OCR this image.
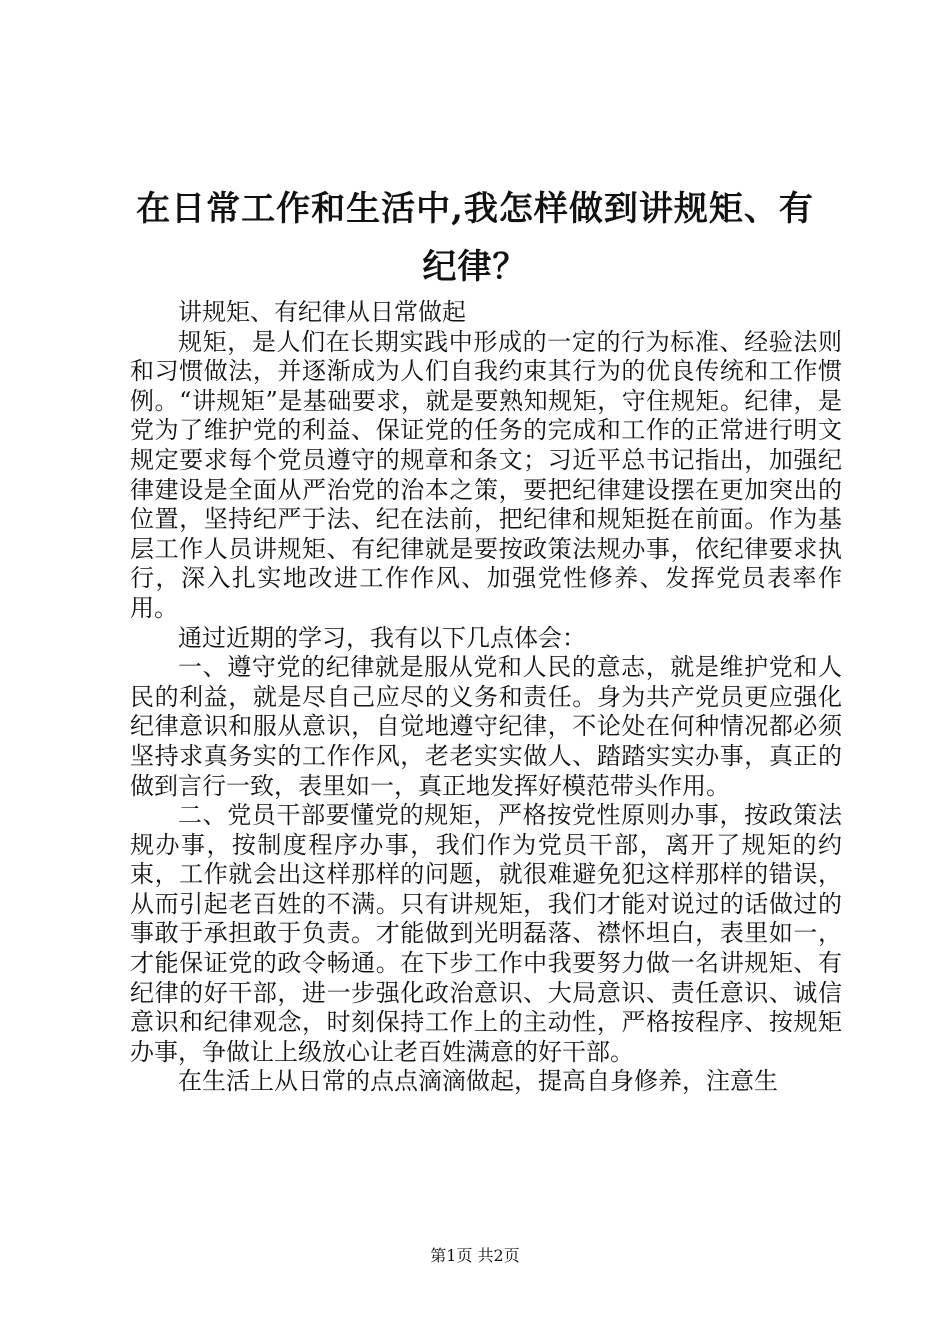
在日常工作和生活中,我怎样做到讲规矩、有纪律？

讲规矩、有纪律从日常做起

规矩，是人们在长期实践中形成的一定的行为标准、经验法则和习惯做法，并逐渐成为人们自我约束其行为的优良传统和工作惯例。“讲规矩”是基础要求，就是要熟知规矩，守住规矩。纪律，是党为了维护党的利益、保证党的任务的完成和工作的正常进行明文规定要求每个党员遵守的规章和条文；习近平总书记指出，加强纪律建设是全面从严治党的治本之策，要把纪律建设摆在更加突出的位置，坚持纪严于法、纪在法前，把纪律和规矩挺在前面。作为基层工作人员讲规矩、有纪律就是要按政策法规办事，依纪律要求执行，深入扎实地改进工作作风、加强党性修养、发挥党员表率作用。

通过近期的学习，我有以下几点体会：

一、遵守党的纪律就是服从党和人民的意志，就是维护党和人民的利益，就是尽自己应尽的义务和责任。身为共产党员更应强化纪律意识和服从意识，自觉地遵守纪律，不论处在何种情况都必须坚持求真务实的工作作风，老老实实做人、踏踏实实办事，真正的做到言行一致，表里如一，真正地发挥好模范带头作用。

二、党员干部要懂党的规矩，严格按党性原则办事，按政策法规办事，按制度程序办事，我们作为党员干部，离开了规矩的约束，工作就会出这样那样的问题，就很难避免犯这样那样的错误，从而引起老百姓的不满。只有讲规矩，我们才能对说过的话做过的事敢于承担敢于负责。才能做到光明磊落、襟怀坦白，表里如一，才能保证党的政令畅通。在下步工作中我要努力做一名讲规矩、有纪律的好干部，进一步强化政治意识、大局意识、责任意识、诚信意识和纪律观念，时刻保持工作上的主动性，严格按程序、按规矩办事，争做让上级放心让老百姓满意的好干部。

在生活上从日常的点点滴滴做起，提高自身修养，注意生

第1页 共2页
